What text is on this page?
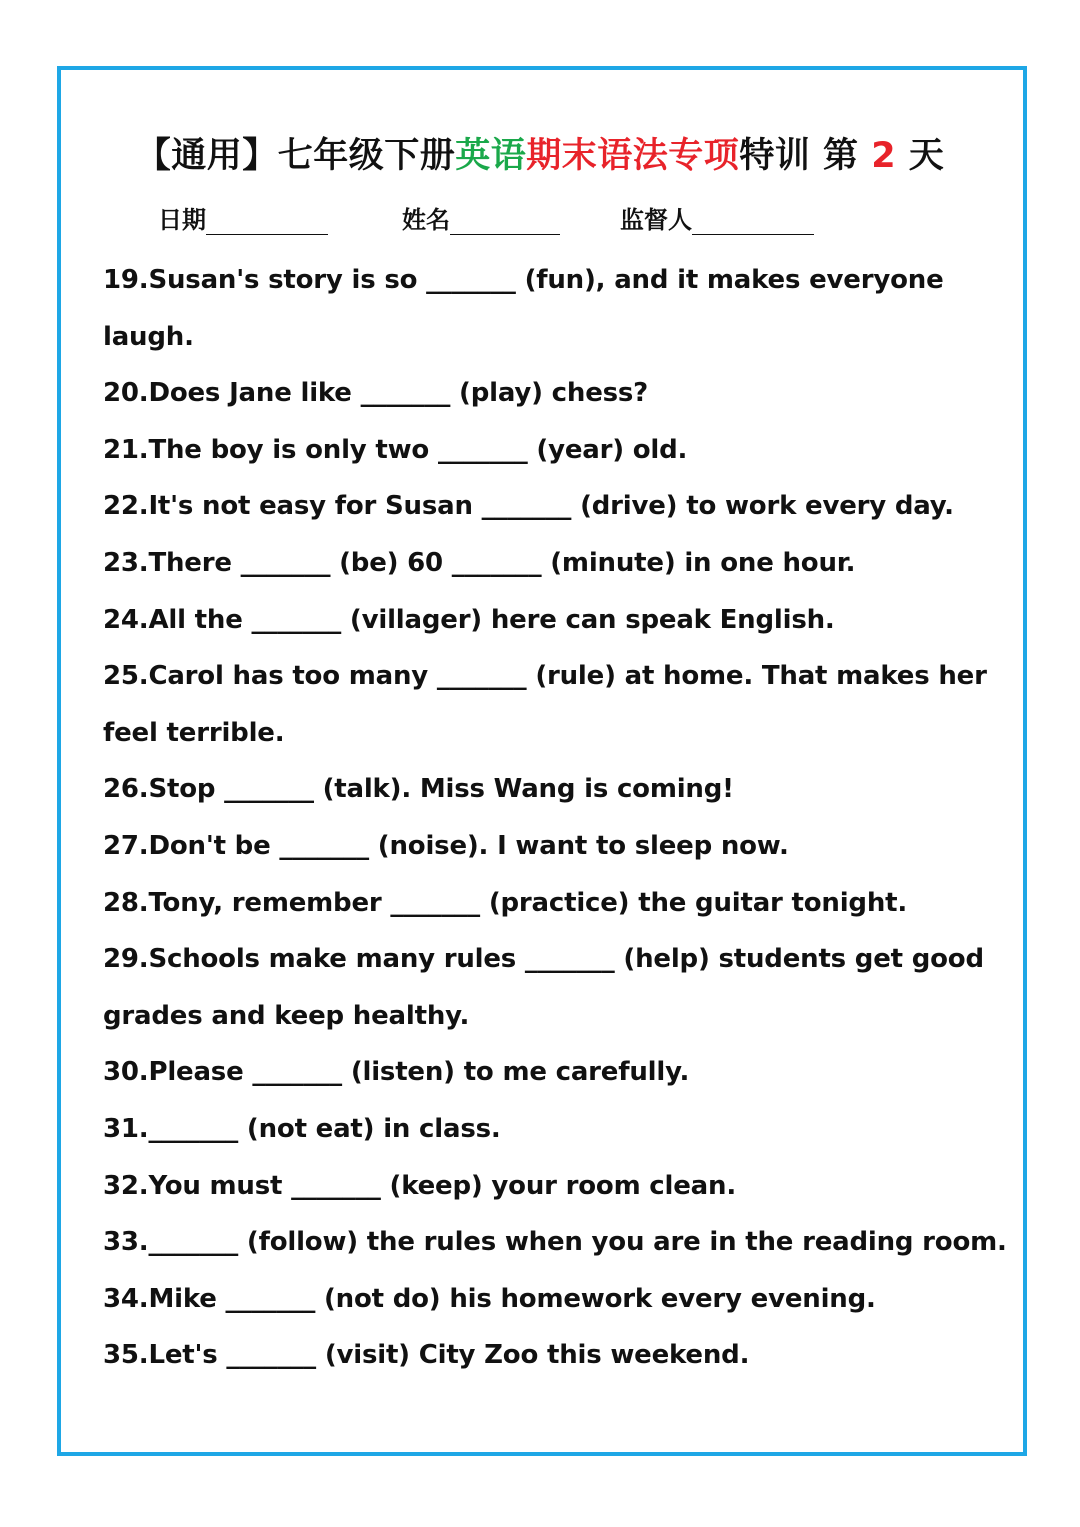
【通用】七年级下册英语期末语法专项特训 第 2 天
日期	姓名	监督人
19.Susan's story is so _______ (fun), and it makes everyone
laugh.
20.Does Jane like _______ (play) chess?
21.The boy is only two _______ (year) old.
22.It's not easy for Susan _______ (drive) to work every day.
23.There _______ (be) 60 _______ (minute) in one hour.
24.All the _______ (villager) here can speak English.
25.Carol has too many _______ (rule) at home. That makes her
feel terrible.
26.Stop _______ (talk). Miss Wang is coming!
27.Don't be _______ (noise). I want to sleep now.
28.Tony, remember _______ (practice) the guitar tonight.
29.Schools make many rules _______ (help) students get good
grades and keep healthy.
30.Please _______ (listen) to me carefully.
31._______ (not eat) in class.
32.You must _______ (keep) your room clean.
33._______ (follow) the rules when you are in the reading room.
34.Mike _______ (not do) his homework every evening.
35.Let's _______ (visit) City Zoo this weekend.
